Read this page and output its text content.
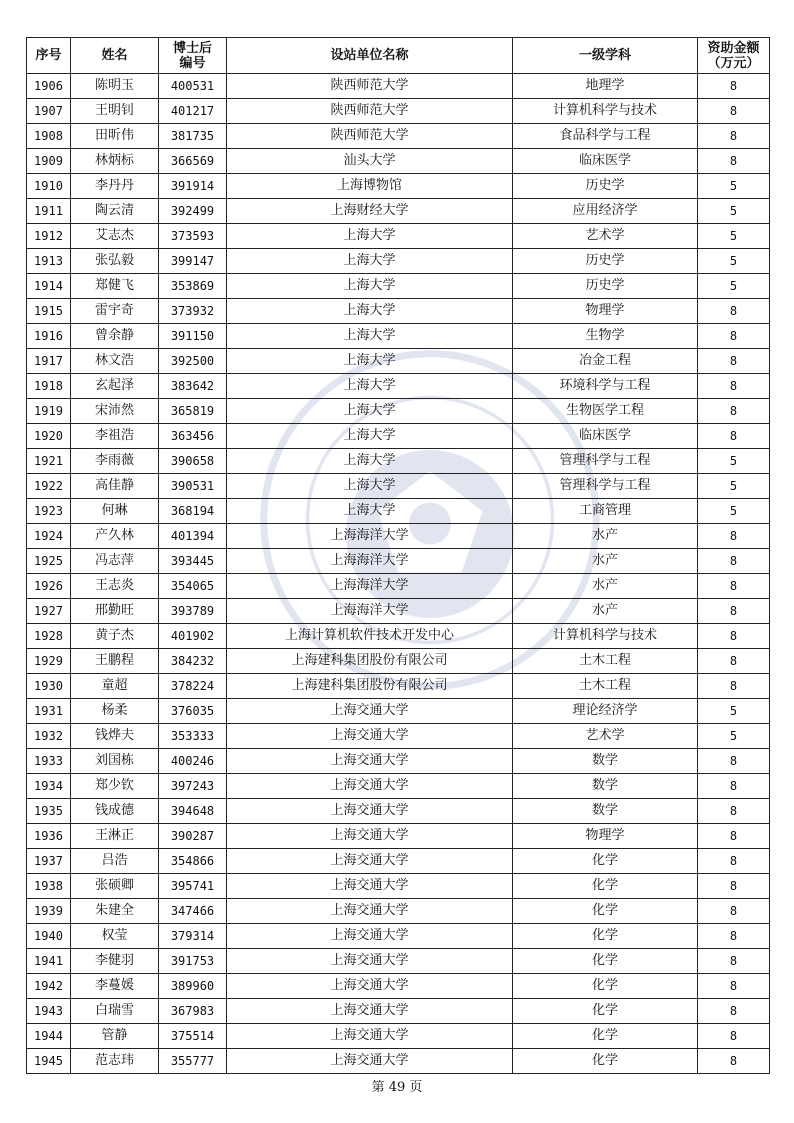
序号	姓名	博士后编号	设站单位名称	一级学科	资助金额（万元）

1906	陈明玉	400531	陕西师范大学	地理学	8
1907	王明钊	401217	陕西师范大学	计算机科学与技术	8
1908	田昕伟	381735	陕西师范大学	食品科学与工程	8
1909	林炳标	366569	汕头大学	临床医学	8
1910	李丹丹	391914	上海博物馆	历史学	5
1911	陶云清	392499	上海财经大学	应用经济学	5
1912	艾志杰	373593	上海大学	艺术学	5
1913	张弘毅	399147	上海大学	历史学	5
1914	郑健飞	353869	上海大学	历史学	5
1915	雷宇奇	373932	上海大学	物理学	8
1916	曾余静	391150	上海大学	生物学	8
1917	林文浩	392500	上海大学	冶金工程	8
1918	玄起泽	383642	上海大学	环境科学与工程	8
1919	宋沛然	365819	上海大学	生物医学工程	8
1920	李祖浩	363456	上海大学	临床医学	8
1921	李雨薇	390658	上海大学	管理科学与工程	5
1922	高佳静	390531	上海大学	管理科学与工程	5
1923	何琳	368194	上海大学	工商管理	5
1924	产久林	401394	上海海洋大学	水产	8
1925	冯志萍	393445	上海海洋大学	水产	8
1926	王志炎	354065	上海海洋大学	水产	8
1927	邢勤旺	393789	上海海洋大学	水产	8
1928	黄子杰	401902	上海计算机软件技术开发中心	计算机科学与技术	8
1929	王鹏程	384232	上海建科集团股份有限公司	土木工程	8
1930	童超	378224	上海建科集团股份有限公司	土木工程	8
1931	杨柔	376035	上海交通大学	理论经济学	5
1932	钱烨夫	353333	上海交通大学	艺术学	5
1933	刘国栋	400246	上海交通大学	数学	8
1934	郑少钦	397243	上海交通大学	数学	8
1935	钱成德	394648	上海交通大学	数学	8
1936	王淋正	390287	上海交通大学	物理学	8
1937	吕浩	354866	上海交通大学	化学	8
1938	张硕卿	395741	上海交通大学	化学	8
1939	朱建全	347466	上海交通大学	化学	8
1940	权莹	379314	上海交通大学	化学	8
1941	李健羽	391753	上海交通大学	化学	8
1942	李蔓媛	389960	上海交通大学	化学	8
1943	白瑞雪	367983	上海交通大学	化学	8
1944	管静	375514	上海交通大学	化学	8
1945	范志玮	355777	上海交通大学	化学	8
第 49 页
